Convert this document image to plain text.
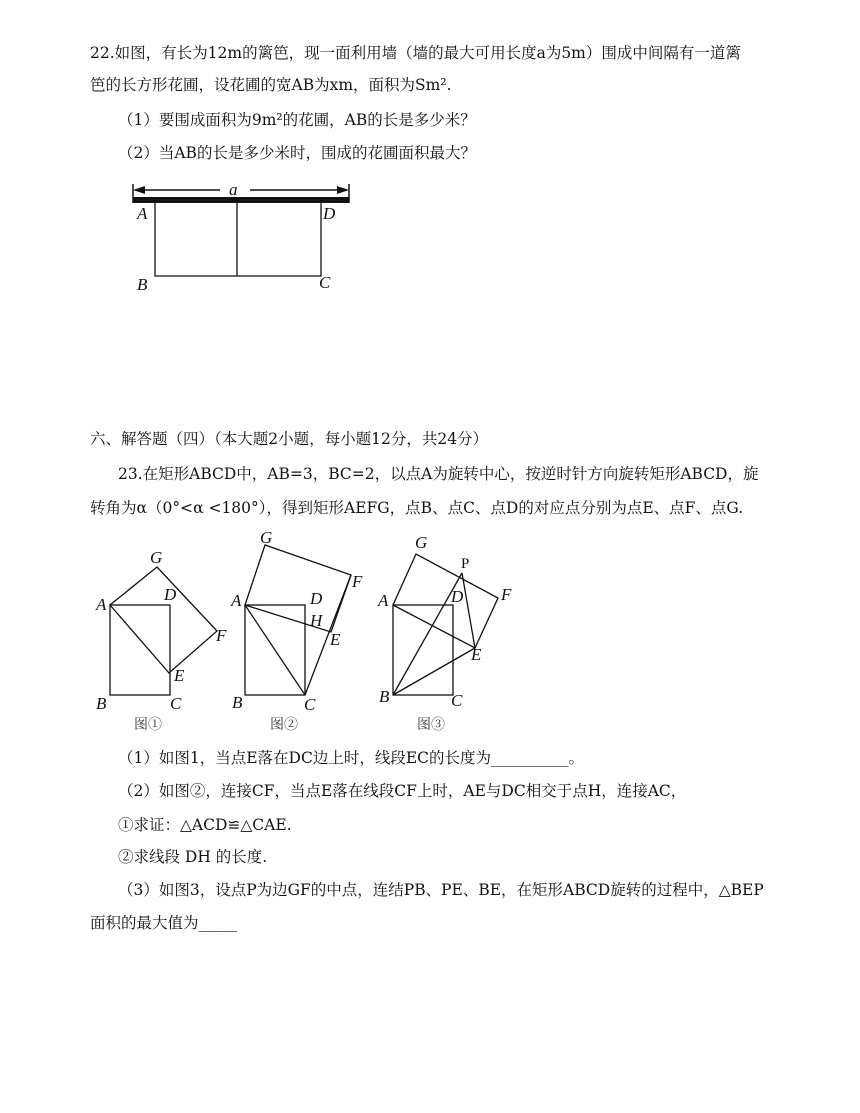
22.如图，有长为12m的篱笆，现一面利用墙（墙的最大可用长度a为5m）围成中间隔有一道篱
笆的长方形花圃，设花圃的宽AB为xm，面积为Sm².
（1）要围成面积为9m²的花圃，AB的长是多少米？
（2）当AB的长是多少米时，围成的花圃面积最大？
a
A	D
B	C
六、解答题（四）（本大题2小题，每小题12分，共24分）
23.在矩形ABCD中，AB=3，BC=2，以点A为旋转中心，按逆时针方向旋转矩形ABCD，旋
转角为α（0°<α <180°），得到矩形AEFG，点B、点C、点D的对应点分别为点E、点F、点G.
G
A
D
F
E
B	C
图①
G
A	D
F
H
E
B	C
图②
G
P
A	D F
E
B	C
图③
（1）如图1，当点E落在DC边上时，线段EC的长度为__________。
（2）如图②，连接CF，当点E落在线段CF上时，AE与DC相交于点H，连接AC，
①求证：△ACD≌△CAE.
②求线段 DH 的长度.
（3）如图3，设点P为边GF的中点，连结PB、PE、BE，在矩形ABCD旋转的过程中，△BEP
面积的最大值为_____
